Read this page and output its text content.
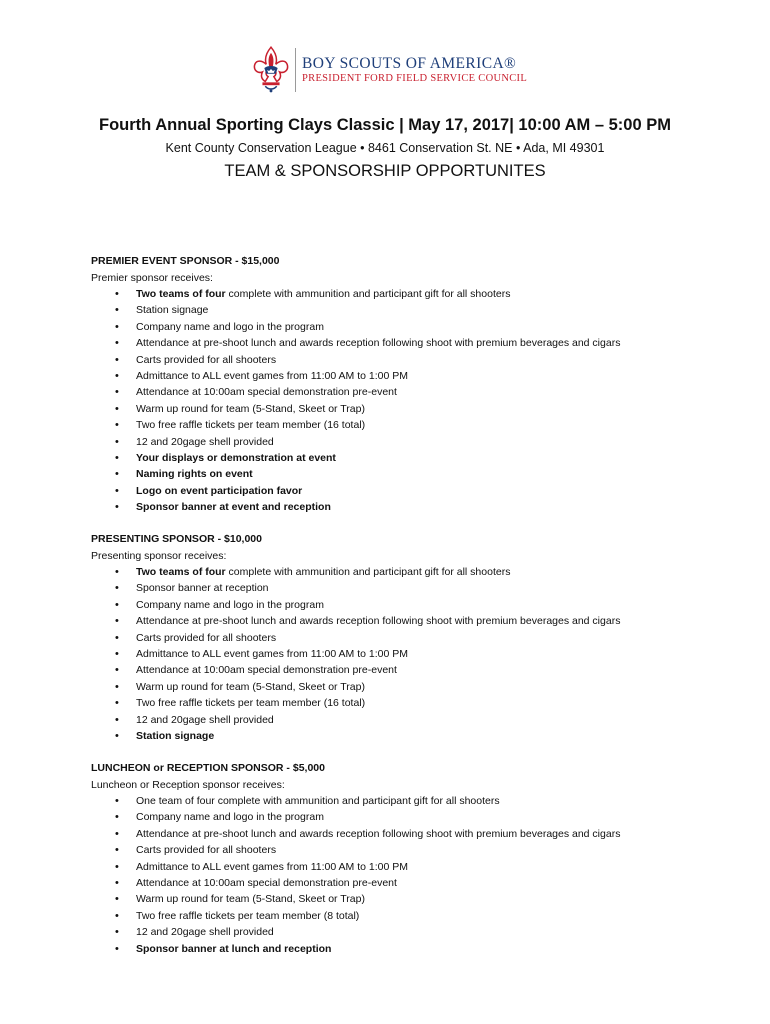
BOY SCOUTS OF AMERICA®
PRESIDENT FORD FIELD SERVICE COUNCIL
Fourth Annual Sporting Clays Classic | May 17, 2017| 10:00 AM – 5:00 PM
Kent County Conservation League • 8461 Conservation St. NE • Ada, MI 49301
TEAM & SPONSORSHIP OPPORTUNITES
PREMIER EVENT SPONSOR - $15,000
Premier sponsor receives:
• Two teams of four complete with ammunition and participant gift for all shooters
• Station signage
• Company name and logo in the program
• Attendance at pre-shoot lunch and awards reception following shoot with premium beverages and cigars
• Carts provided for all shooters
• Admittance to ALL event games from 11:00 AM to 1:00 PM
• Attendance at 10:00am special demonstration pre-event
• Warm up round for team (5-Stand, Skeet or Trap)
• Two free raffle tickets per team member (16 total)
• 12 and 20gage shell provided
• Your displays or demonstration at event
• Naming rights on event
• Logo on event participation favor
• Sponsor banner at event and reception
PRESENTING SPONSOR - $10,000
Presenting sponsor receives:
• Two teams of four complete with ammunition and participant gift for all shooters
• Sponsor banner at reception
• Company name and logo in the program
• Attendance at pre-shoot lunch and awards reception following shoot with premium beverages and cigars
• Carts provided for all shooters
• Admittance to ALL event games from 11:00 AM to 1:00 PM
• Attendance at 10:00am special demonstration pre-event
• Warm up round for team (5-Stand, Skeet or Trap)
• Two free raffle tickets per team member (16 total)
• 12 and 20gage shell provided
• Station signage
LUNCHEON or RECEPTION SPONSOR - $5,000
Luncheon or Reception sponsor receives:
• One team of four complete with ammunition and participant gift for all shooters
• Company name and logo in the program
• Attendance at pre-shoot lunch and awards reception following shoot with premium beverages and cigars
• Carts provided for all shooters
• Admittance to ALL event games from 11:00 AM to 1:00 PM
• Attendance at 10:00am special demonstration pre-event
• Warm up round for team (5-Stand, Skeet or Trap)
• Two free raffle tickets per team member (8 total)
• 12 and 20gage shell provided
• Sponsor banner at lunch and reception
